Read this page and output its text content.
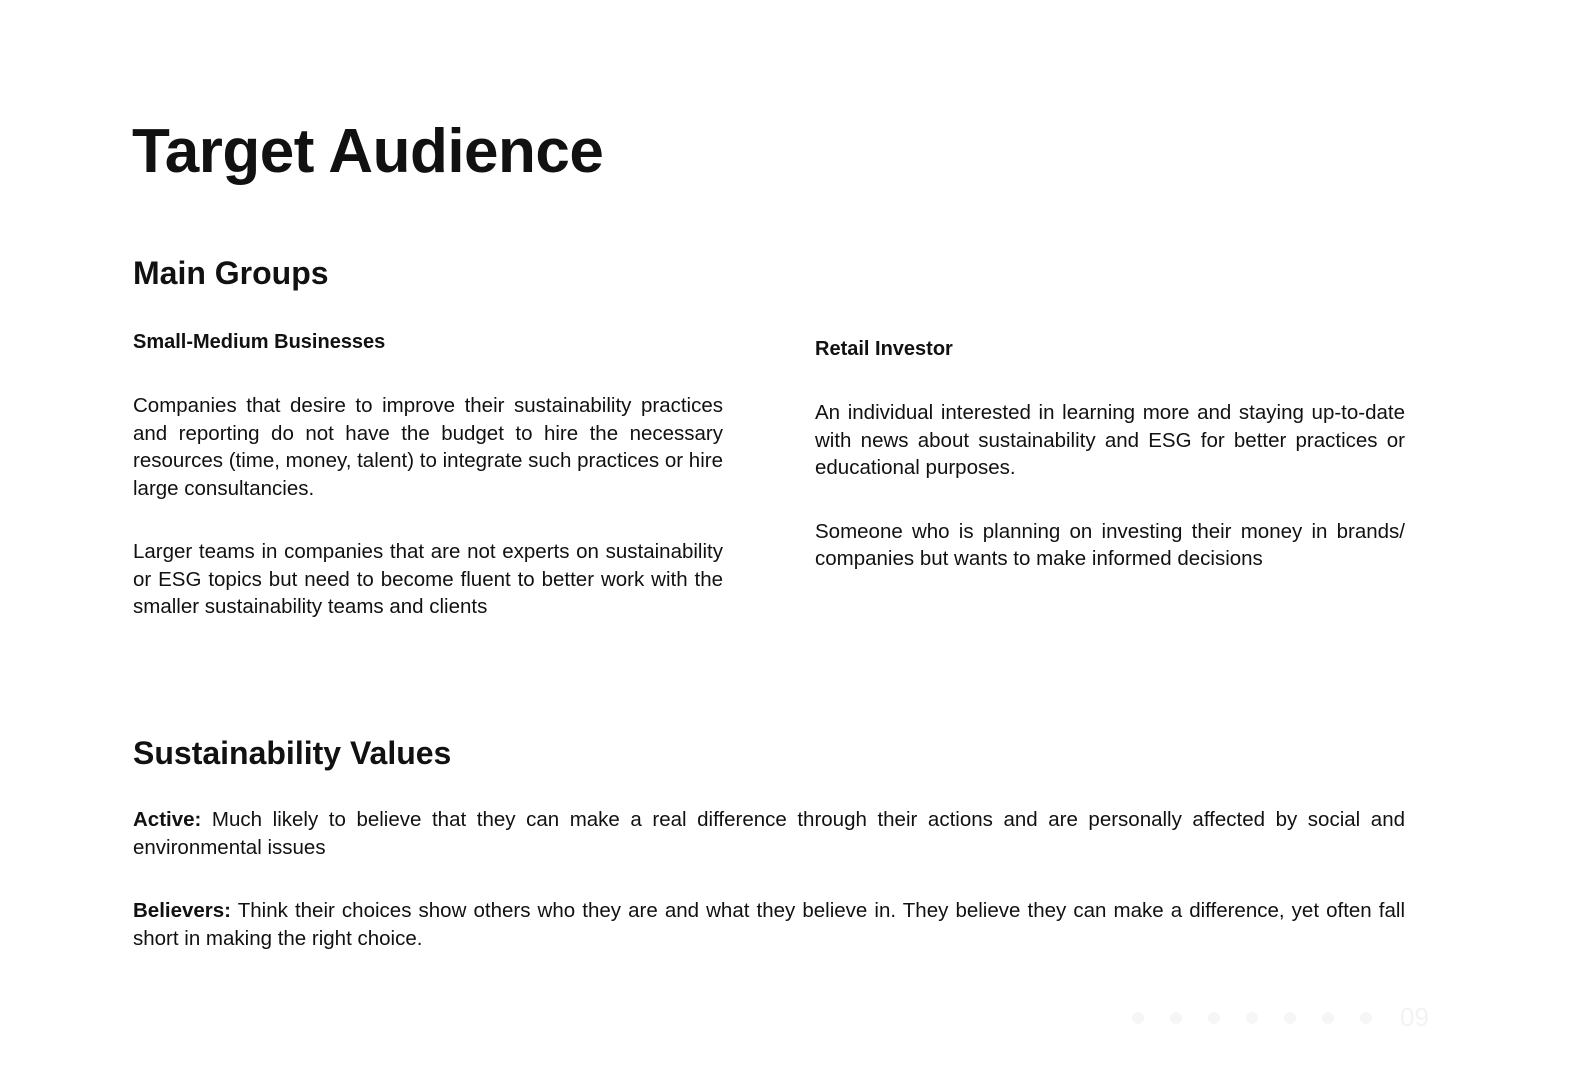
Target Audience
Main Groups
Small-Medium Businesses

Companies that desire to improve their sustainability practices and reporting do not have the budget to hire the necessary resources (time, money, talent) to integrate such practices or hire large consultancies.

Larger teams in companies that are not experts on sustainability or ESG topics but need to become fluent to better work with the smaller sustainability teams and clients

Retail Investor

An individual interested in learning more and staying up-to-date with news about sustainability and ESG for better practices or educational purposes.

Someone who is planning on investing their money in brands/ companies but wants to make informed decisions

Sustainability Values

Active: Much likely to believe that they can make a real difference through their actions and are personally affected by social and environmental issues

Believers: Think their choices show others who they are and what they believe in. They believe they can make a difference, yet often fall short in making the right choice.

09
